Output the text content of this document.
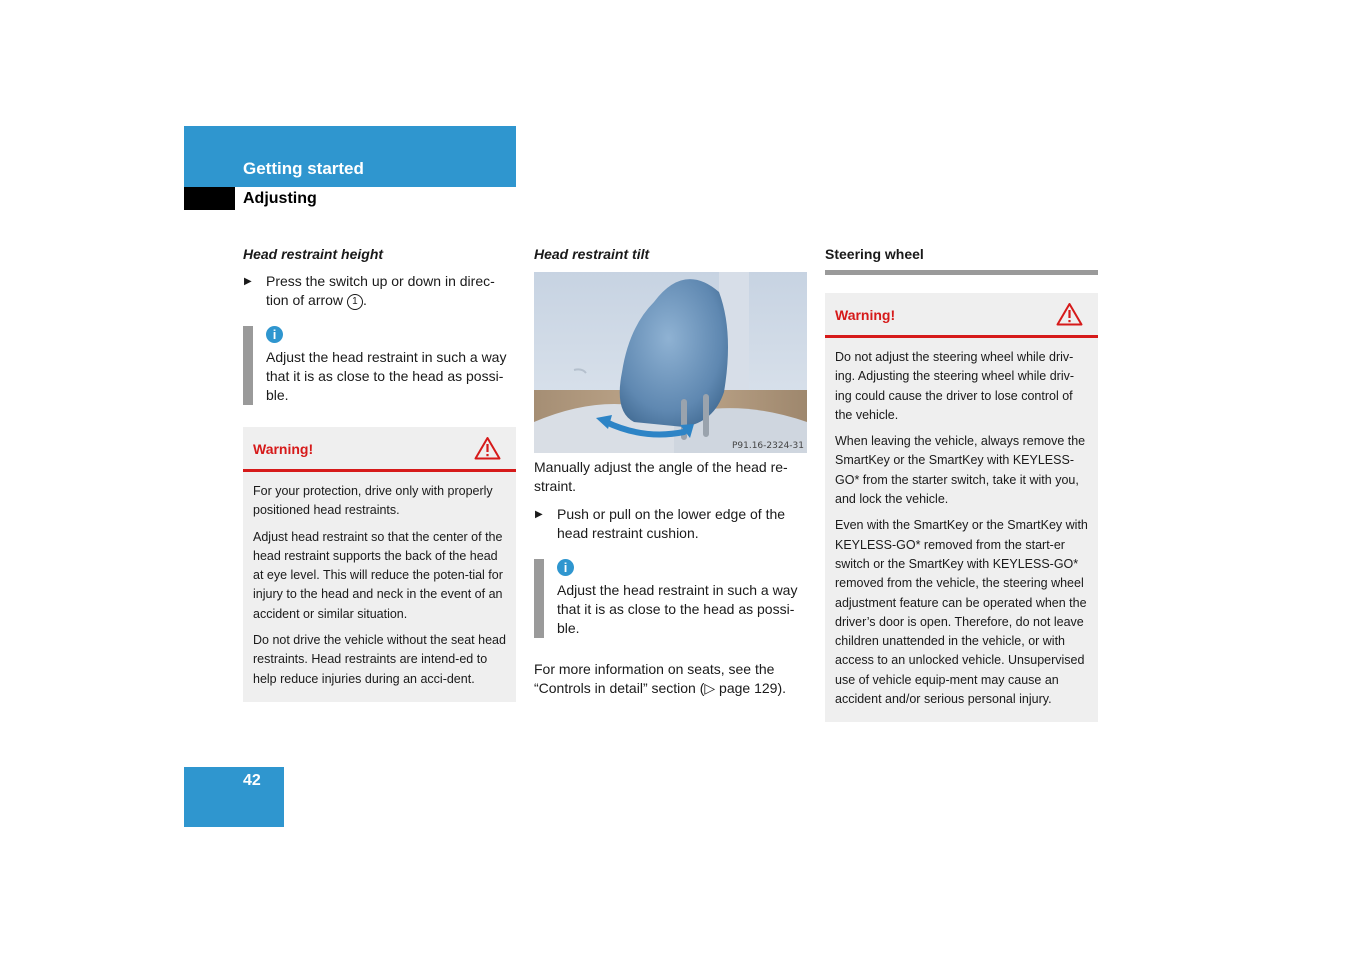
Getting started
Adjusting
Head restraint height
▶ Press the switch up or down in direc-tion of arrow 1 .
i
Adjust the head restraint in such a way that it is as close to the head as possi-ble.
Warning!

For your protection, drive only with properly positioned head restraints.

Adjust head restraint so that the center of the head restraint supports the back of the head at eye level. This will reduce the poten-tial for injury to the head and neck in the event of an accident or similar situation.

Do not drive the vehicle without the seat head restraints. Head restraints are intend-ed to help reduce injuries during an acci-dent.

Head restraint tilt
P91.16-2324-31
Manually adjust the angle of the head re-straint.
▶ Push or pull on the lower edge of the head restraint cushion.
i
Adjust the head restraint in such a way that it is as close to the head as possi-ble.
For more information on seats, see the “Controls in detail” section (▷ page 129).
Steering wheel
Warning!

Do not adjust the steering wheel while driv-ing. Adjusting the steering wheel while driv-ing could cause the driver to lose control of the vehicle.

When leaving the vehicle, always remove the SmartKey or the SmartKey with KEYLESS-GO* from the starter switch, take it with you, and lock the vehicle.

Even with the SmartKey or the SmartKey with KEYLESS-GO* removed from the start-er switch or the SmartKey with KEYLESS-GO* removed from the vehicle, the steering wheel adjustment feature can be operated when the driver’s door is open. Therefore, do not leave children unattended in the vehicle, or with access to an unlocked vehicle. Unsupervised use of vehicle equip-ment may cause an accident and/or serious personal injury.

42
